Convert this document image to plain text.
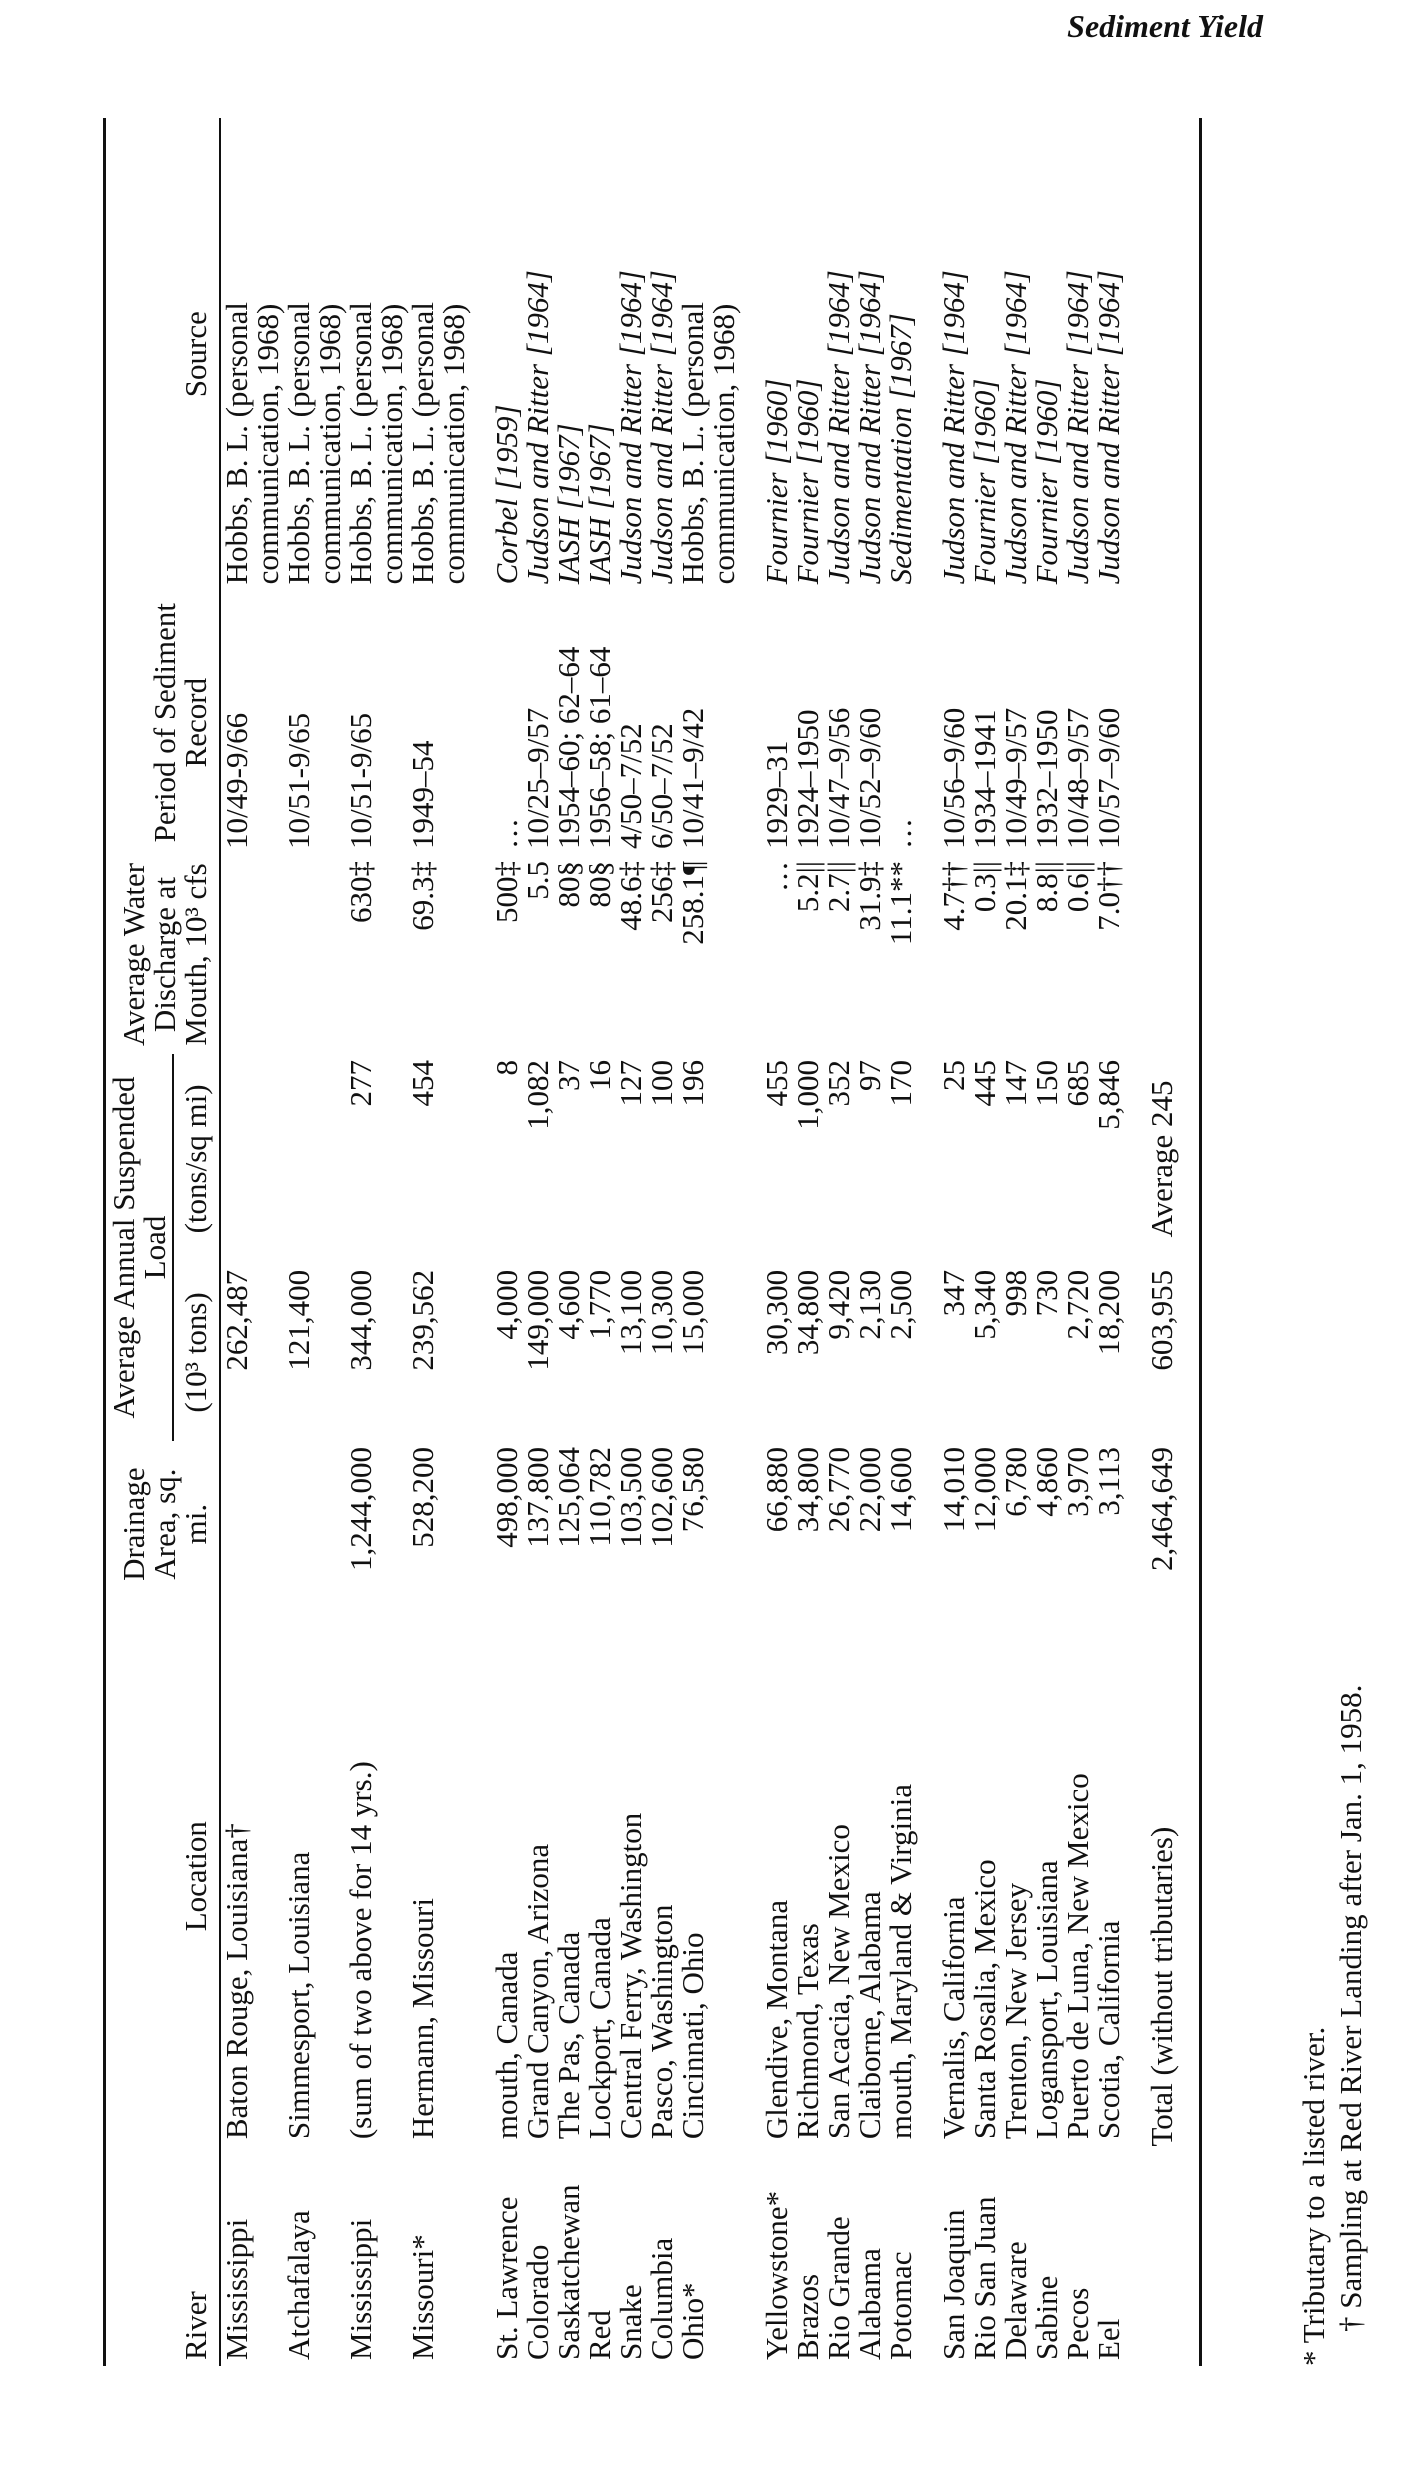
Sediment Yield
River	Location	Drainage Area, sq. mi.	Average Annual Suspended Load		Average Water Discharge at Mouth, 10³ cfs	Period of Sediment Record	Source
			(10³ tons)	(tons/sq mi)			

Mississippi	Baton Rouge, Louisiana†		262,487			10/49-9/66	Hobbs, B. L. (personal communication, 1968)
Atchafalaya	Simmesport, Louisiana		121,400			10/51-9/65	Hobbs, B. L. (personal communication, 1968)
Mississippi	(sum of two above for 14 yrs.)	1,244,000	344,000	277	630‡	10/51-9/65	Hobbs, B. L. (personal communication, 1968)
Missouri*	Hermann, Missouri	528,200	239,562	454	69.3‡	1949–54	Hobbs, B. L. (personal communication, 1968)

St. Lawrence	mouth, Canada	498,000	4,000	8	500‡	…	Corbel [1959]
Colorado	Grand Canyon, Arizona	137,800	149,000	1,082	5.5	10/25–9/57	Judson and Ritter [1964]
Saskatchewan	The Pas, Canada	125,064	4,600	37	80§	1954–60; 62–64	IASH [1967]
Red	Lockport, Canada	110,782	1,770	16	80§	1956–58; 61–64	IASH [1967]
Snake	Central Ferry, Washington	103,500	13,100	127	48.6‡	4/50–7/52	Judson and Ritter [1964]
Columbia	Pasco, Washington	102,600	10,300	100	256‡	6/50–7/52	Judson and Ritter [1964]
Ohio*	Cincinnati, Ohio	76,580	15,000	196	258.1¶	10/41–9/42	Hobbs, B. L. (personal communication, 1968)

Yellowstone*	Glendive, Montana	66,880	30,300	455	…	1929–31	Fournier [1960]
Brazos	Richmond, Texas	34,800	34,800	1,000	5.2||	1924–1950	Fournier [1960]
Rio Grande	San Acacia, New Mexico	26,770	9,420	352	2.7||	10/47–9/56	Judson and Ritter [1964]
Alabama	Claiborne, Alabama	22,000	2,130	97	31.9‡	10/52–9/60	Judson and Ritter [1964]
Potomac	mouth, Maryland & Virginia	14,600	2,500	170	11.1**	…	Sedimentation [1967]

San Joaquin	Vernalis, California	14,010	347	25	4.7††	10/56–9/60	Judson and Ritter [1964]
Rio San Juan	Santa Rosalia, Mexico	12,000	5,340	445	0.3||	1934–1941	Fournier [1960]
Delaware	Trenton, New Jersey	6,780	998	147	20.1‡	10/49–9/57	Judson and Ritter [1964]
Sabine	Logansport, Louisiana	4,860	730	150	8.8||	1932–1950	Fournier [1960]
Pecos	Puerto de Luna, New Mexico	3,970	2,720	685	0.6||	10/48–9/57	Judson and Ritter [1964]
Eel	Scotia, California	3,113	18,200	5,846	7.0††	10/57–9/60	Judson and Ritter [1964]

Total (without tributaries)		2,464,649	603,955	Average 245			

* Tributary to a listed river. † Sampling at Red River Landing after Jan. 1, 1958.
